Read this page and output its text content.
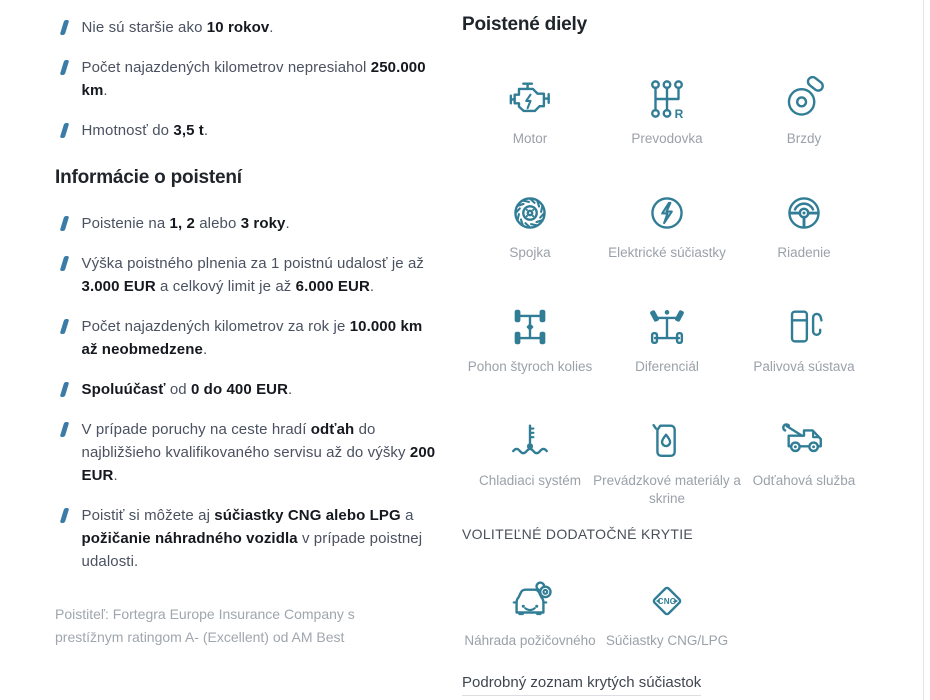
Nie sú staršie ako 10 rokov.
Počet najazdených kilometrov nepresiahol 250.000 km.
Hmotnosť do 3,5 t.
Informácie o poistení
Poistenie na 1, 2 alebo 3 roky.
Výška poistného plnenia za 1 poistnú udalosť je až 3.000 EUR a celkový limit je až 6.000 EUR.
Počet najazdených kilometrov za rok je 10.000 km až neobmedzene.
Spoluúčasť od 0 do 400 EUR.
V prípade poruchy na ceste hradí odťah do najbližšieho kvalifikovaného servisu až do výšky 200 EUR.
Poistiť si môžete aj súčiastky CNG alebo LPG a požičanie náhradného vozidla v prípade poistnej udalosti.

Poistiteľ: Fortegra Europe Insurance Company s prestížnym ratingom A- (Excellent) od AM Best

Poistené diely
Motor
R
Prevodovka	Brzdy
Spojka	Elektrické súčiastky	Riadenie
Pohon štyroch kolies	Diferenciál	Palivová sústava
Chladiaci systém Prevádzkové materiály a skrine
Odťahová služba
VOLITEĽNÉ DODATOČNÉ KRYTIE
Náhrada požičovného
CNG
Súčiastky CNG/LPG
Podrobný zoznam krytých súčiastok
